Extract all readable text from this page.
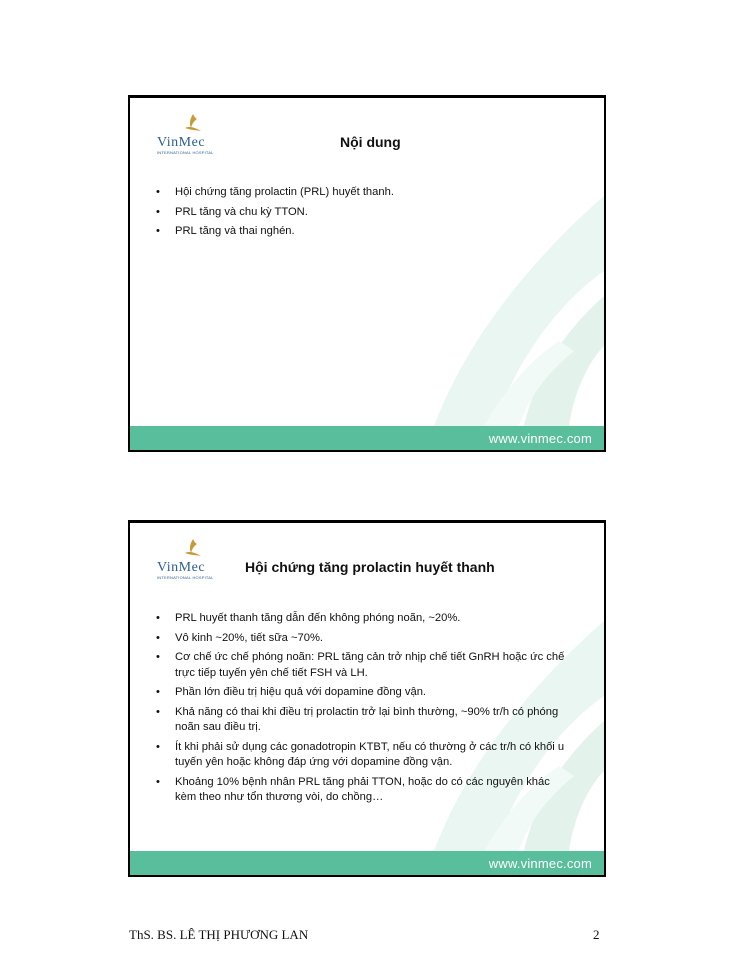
VinMec
INTERNATIONAL HOSPITAL
Nội dung
• Hội chứng tăng prolactin (PRL) huyết thanh.
• PRL tăng và chu kỳ TTON.
• PRL tăng và thai nghén.
www.vinmec.com
VinMec
INTERNATIONAL HOSPITAL
Hội chứng tăng prolactin huyết thanh
• PRL huyết thanh tăng dẫn đến không phóng noãn, ~20%.
• Vô kinh ~20%, tiết sữa ~70%.
• Cơ chế ức chế phóng noãn: PRL tăng cản trở nhịp chế tiết GnRH hoặc ức chế trực tiếp tuyến yên chế tiết FSH và LH.
• Phần lớn điều trị hiệu quả với dopamine đồng vận.
• Khả năng có thai khi điều trị prolactin trở lại bình thường, ~90% tr/h có phóng noãn sau điều trị.
• Ít khi phải sử dụng các gonadotropin KTBT, nếu có thường ở các tr/h có khối u tuyến yên hoặc không đáp ứng với dopamine đồng vận.
• Khoảng 10% bệnh nhân PRL tăng phải TTON, hoặc do có các nguyên khác kèm theo như tổn thương vòi, do chồng…
www.vinmec.com
ThS. BS. LÊ THỊ PHƯƠNG LAN	2
